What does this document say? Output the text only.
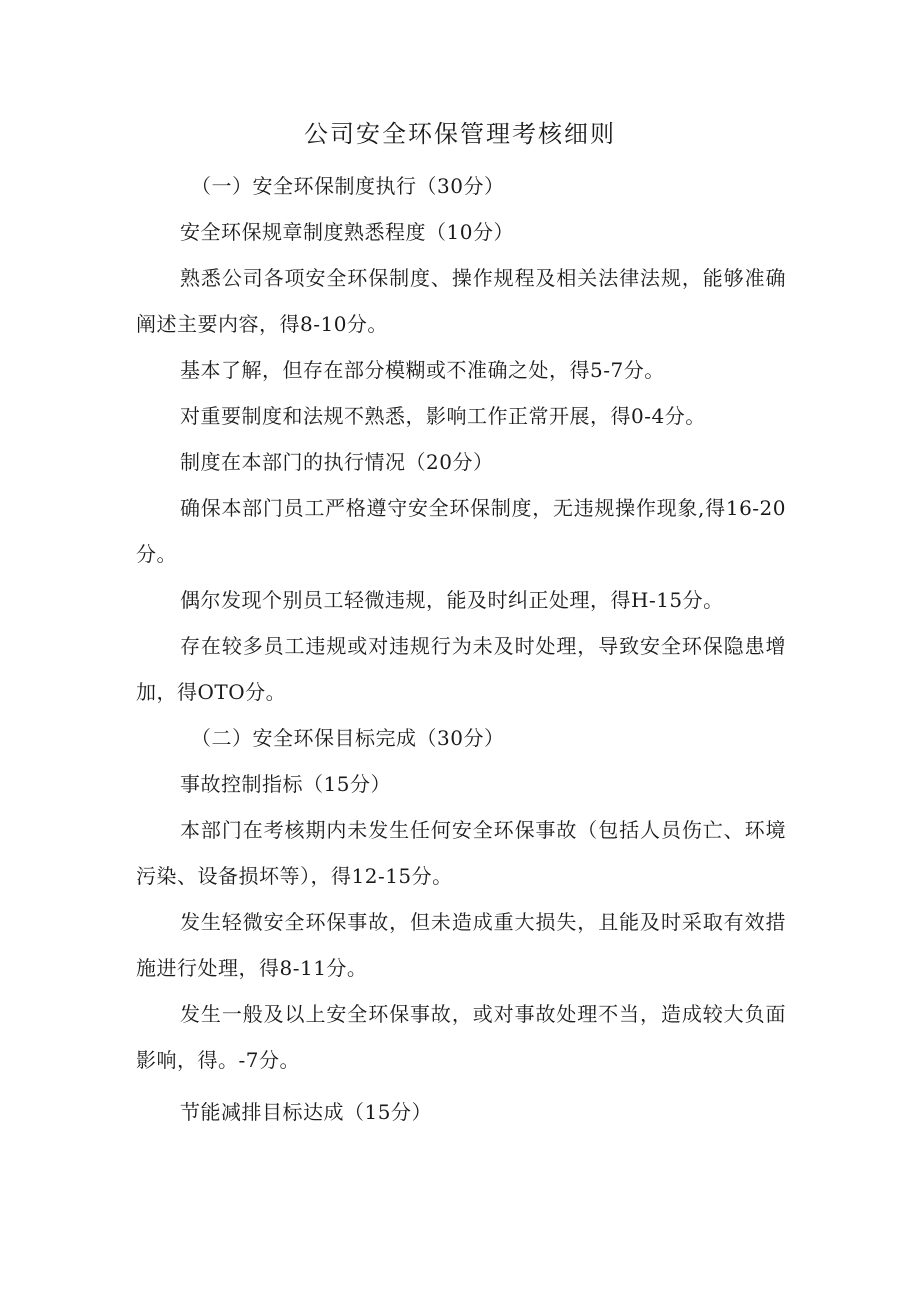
公司安全环保管理考核细则

（一）安全环保制度执行（30分）

安全环保规章制度熟悉程度（10分）

熟悉公司各项安全环保制度、操作规程及相关法律法规，能够准确阐述主要内容，得8-10分。

基本了解，但存在部分模糊或不准确之处，得5-7分。

对重要制度和法规不熟悉，影响工作正常开展，得0-4分。

制度在本部门的执行情况（20分）

确保本部门员工严格遵守安全环保制度，无违规操作现象,得16-20分。

偶尔发现个别员工轻微违规，能及时纠正处理，得H-15分。

存在较多员工违规或对违规行为未及时处理，导致安全环保隐患增加，得OTO分。

（二）安全环保目标完成（30分）

事故控制指标（15分）

本部门在考核期内未发生任何安全环保事故（包括人员伤亡、环境污染、设备损坏等），得12-15分。

发生轻微安全环保事故，但未造成重大损失，且能及时采取有效措施进行处理，得8-11分。

发生一般及以上安全环保事故，或对事故处理不当，造成较大负面影响，得。-7分。

节能减排目标达成（15分）
